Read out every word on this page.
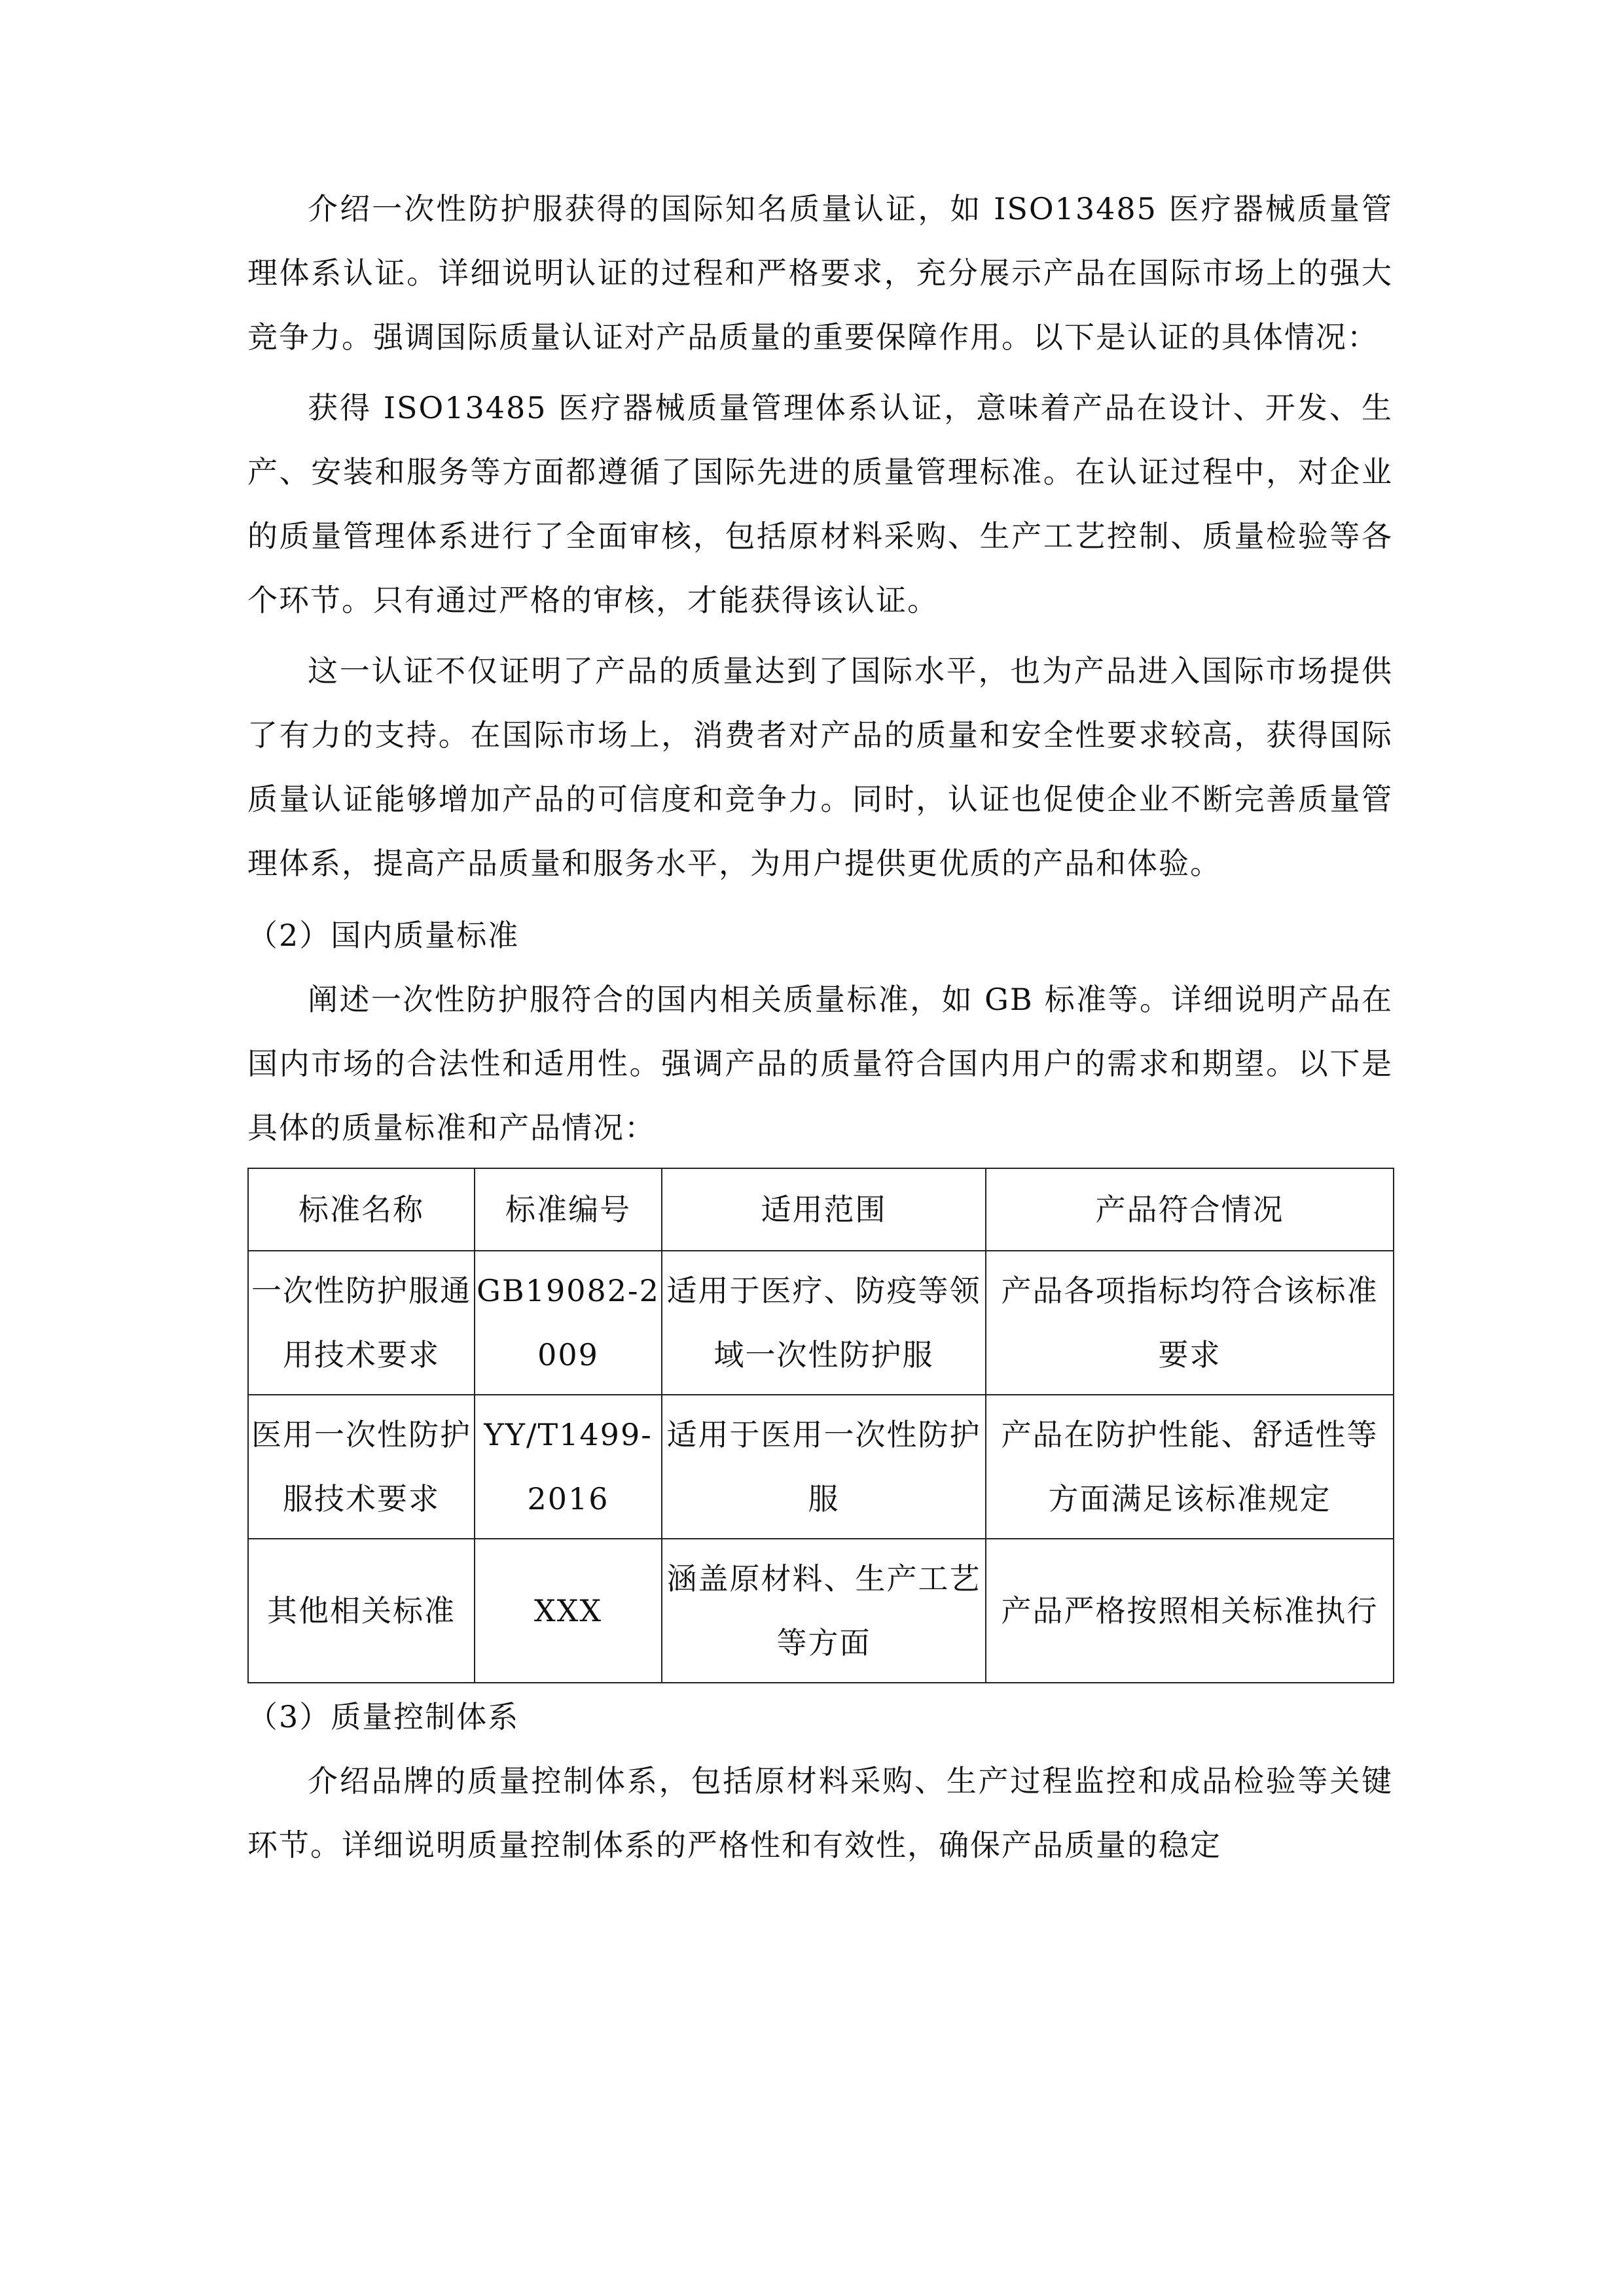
介绍一次性防护服获得的国际知名质量认证，如 ISO13485 医疗器械质量管理体系认证。详细说明认证的过程和严格要求，充分展示产品在国际市场上的强大竞争力。强调国际质量认证对产品质量的重要保障作用。以下是认证的具体情况：

获得 ISO13485 医疗器械质量管理体系认证，意味着产品在设计、开发、生产、安装和服务等方面都遵循了国际先进的质量管理标准。在认证过程中，对企业的质量管理体系进行了全面审核，包括原材料采购、生产工艺控制、质量检验等各个环节。只有通过严格的审核，才能获得该认证。

这一认证不仅证明了产品的质量达到了国际水平，也为产品进入国际市场提供了有力的支持。在国际市场上，消费者对产品的质量和安全性要求较高，获得国际质量认证能够增加产品的可信度和竞争力。同时，认证也促使企业不断完善质量管理体系，提高产品质量和服务水平，为用户提供更优质的产品和体验。

（2）国内质量标准

阐述一次性防护服符合的国内相关质量标准，如 GB 标准等。详细说明产品在国内市场的合法性和适用性。强调产品的质量符合国内用户的需求和期望。以下是具体的质量标准和产品情况：

标准名称	标准编号	适用范围	产品符合情况
一次性防护服通用技术要求	GB19082-2009	适用于医疗、防疫等领域一次性防护服	产品各项指标均符合该标准要求
医用一次性防护服技术要求	YY/T1499-2016	适用于医用一次性防护服	产品在防护性能、舒适性等方面满足该标准规定
其他相关标准	XXX	涵盖原材料、生产工艺等方面	产品严格按照相关标准执行

（3）质量控制体系

介绍品牌的质量控制体系，包括原材料采购、生产过程监控和成品检验等关键环节。详细说明质量控制体系的严格性和有效性，确保产品质量的稳定
